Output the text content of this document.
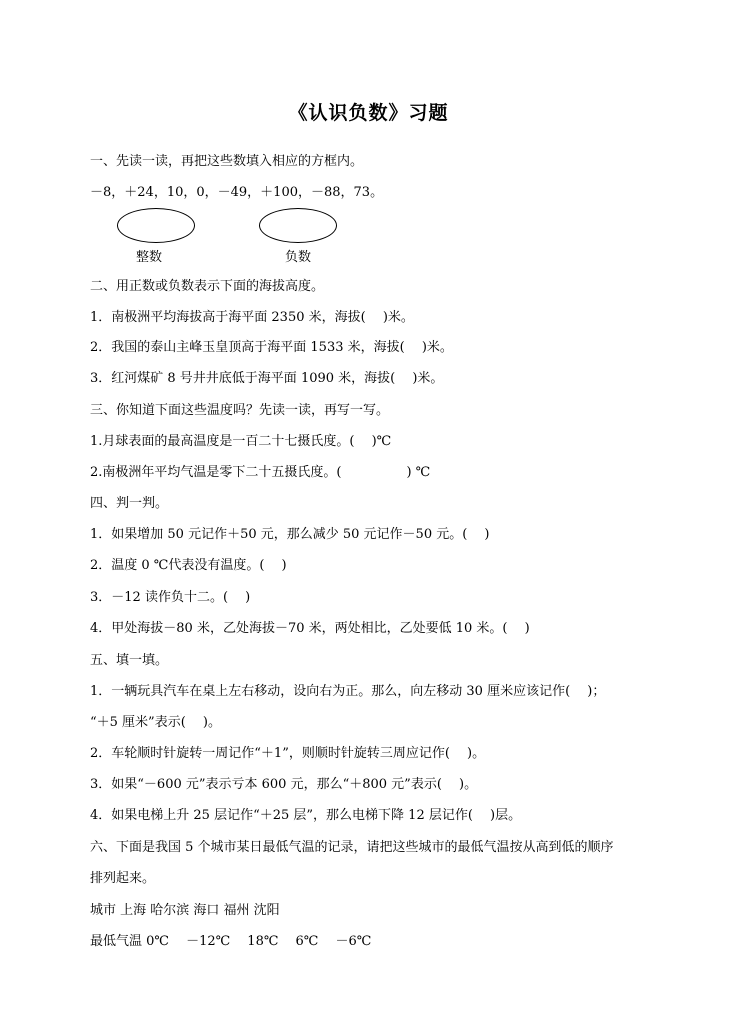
《认识负数》习题
一、先读一读，再把这些数填入相应的方框内。
－8，＋24，10，0，－49，＋100，－88，73。
整数	负数
二、用正数或负数表示下面的海拔高度。
1．南极洲平均海拔高于海平面 2350 米，海拔(　 )米。
2．我国的泰山主峰玉皇顶高于海平面 1533 米，海拔(　 )米。
3．红河煤矿 8 号井井底低于海平面 1090 米，海拔(　 )米。
三、你知道下面这些温度吗？先读一读，再写一写。
1.月球表面的最高温度是一百二十七摄氏度。(　 )℃
2.南极洲年平均气温是零下二十五摄氏度。(　　　　　) ℃
四、判一判。
1．如果增加 50 元记作＋50 元，那么减少 50 元记作－50 元。(　 )
2．温度 0 ℃代表没有温度。(　 )
3．－12 读作负十二。(　 )
4．甲处海拔－80 米，乙处海拔－70 米，两处相比，乙处要低 10 米。(　 )
五、填一填。
1．一辆玩具汽车在桌上左右移动，设向右为正。那么，向左移动 30 厘米应该记作(　 )；
“＋5 厘米”表示(　 )。
2．车轮顺时针旋转一周记作“＋1”，则顺时针旋转三周应记作(　 )。
3．如果“－600 元”表示亏本 600 元，那么“＋800 元”表示(　 )。
4．如果电梯上升 25 层记作“＋25 层”，那么电梯下降 12 层记作(　 )层。
六、下面是我国 5 个城市某日最低气温的记录，请把这些城市的最低气温按从高到低的顺序
排列起来。
城市 上海 哈尔滨 海口 福州 沈阳
最低气温 0℃　 －12℃　 18℃　 6℃　 －6℃
